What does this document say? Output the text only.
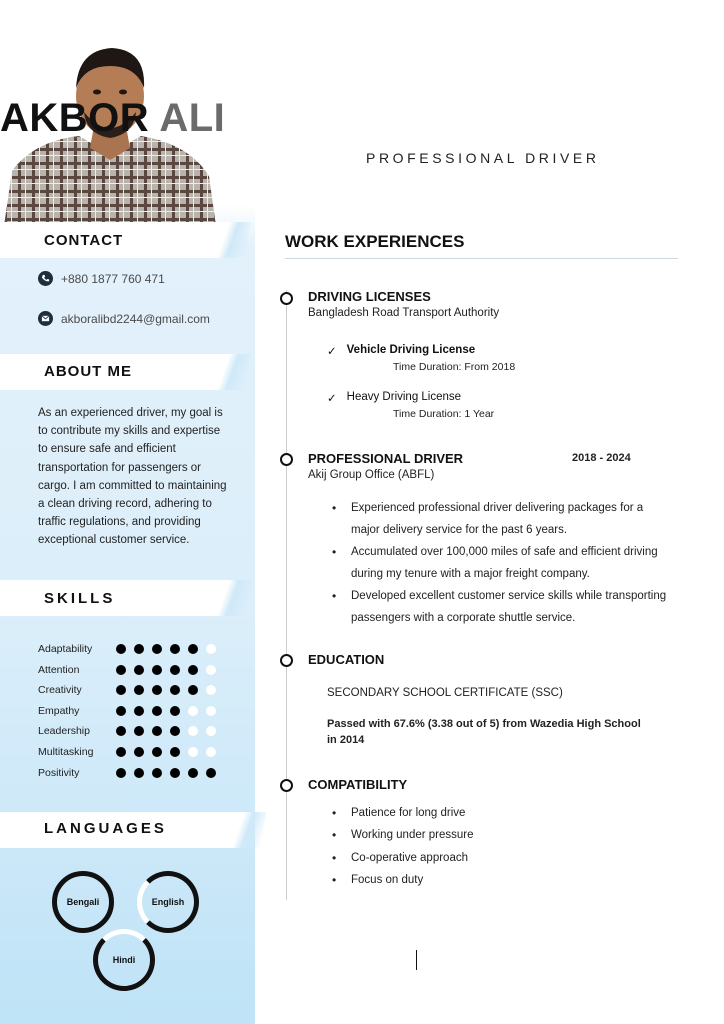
CONTACT
+880 1877 760 471
akboralibd2244@gmail.com
ABOUT ME
As an experienced driver, my goal is to contribute my skills and expertise to ensure safe and efficient transportation for passengers or cargo. I am committed to maintaining a clean driving record, adhering to traffic regulations, and providing exceptional customer service.
SKILLS
Adaptability
Attention
Creativity
Empathy
Leadership
Multitasking
Positivity
LANGUAGES
Bengali	English
Hindi
AKBOR ALI
PROFESSIONAL DRIVER
WORK EXPERIENCES
DRIVING LICENSES
Bangladesh Road Transport Authority
✓ Vehicle Driving License
Time Duration: From 2018
✓ Heavy Driving License
Time Duration: 1 Year
PROFESSIONAL DRIVER	2018 - 2024
Akij Group Office (ABFL)
• Experienced professional driver delivering packages for a major delivery service for the past 6 years.
• Accumulated over 100,000 miles of safe and efficient driving during my tenure with a major freight company.
• Developed excellent customer service skills while transporting passengers with a corporate shuttle service.
EDUCATION
SECONDARY SCHOOL CERTIFICATE (SSC)
Passed with 67.6% (3.38 out of 5) from Wazedia High School
in 2014
COMPATIBILITY
• Patience for long drive
• Working under pressure
• Co-operative approach
• Focus on duty
